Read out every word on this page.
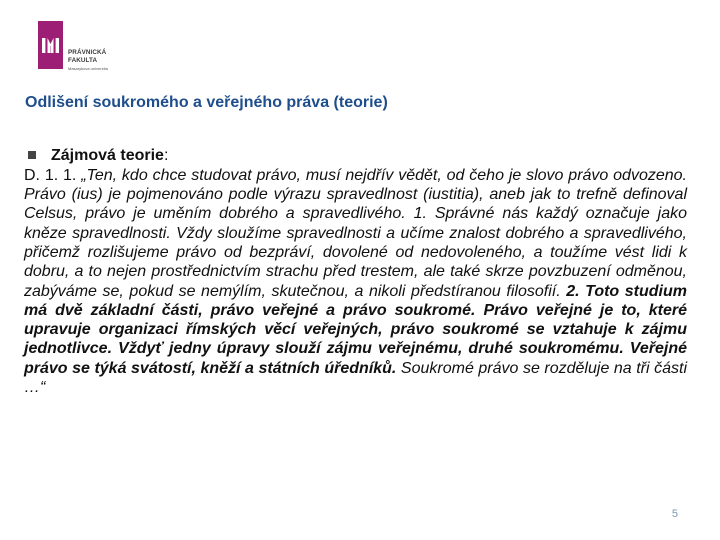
PRÁVNICKÁ
FAKULTA
Masarykova univerzita
Odlišení soukromého a veřejného práva (teorie)
Zájmová teorie:
D. 1. 1. „Ten, kdo chce studovat právo, musí nejdřív vědět, od čeho je slovo právo odvozeno. Právo (ius) je pojmenováno podle výrazu spravedlnost (iustitia), aneb jak to trefně definoval Celsus, právo je uměním dobrého a spravedlivého. 1. Správné nás každý označuje jako kněze spravedlnosti. Vždy sloužíme spravedlnosti a učíme znalost dobrého a spravedlivého, přičemž rozlišujeme právo od bezpráví, dovolené od nedovoleného, a toužíme vést lidi k dobru, a to nejen prostřednictvím strachu před trestem, ale také skrze povzbuzení odměnou, zabýváme se, pokud se nemýlím, skutečnou, a nikoli předstíranou filosofií. 2. Toto studium má dvě základní části, právo veřejné a právo soukromé. Právo veřejné je to, které upravuje organizaci římských věcí veřejných, právo soukromé se vztahuje k zájmu jednotlivce. Vždyť jedny úpravy slouží zájmu veřejnému, druhé soukromému. Veřejné právo se týká svátostí, kněží a státních úředníků. Soukromé právo se rozděluje na tři části …“
5
